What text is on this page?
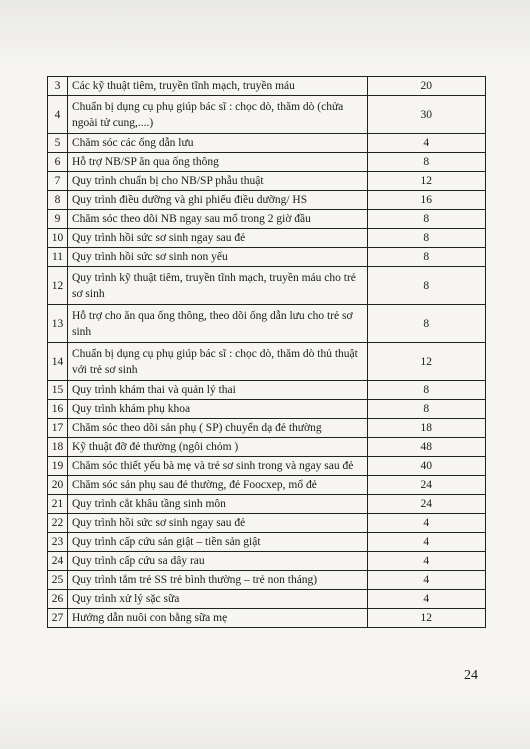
3	Các kỹ thuật tiêm, truyền tĩnh mạch, truyền máu	20
4	Chuẩn bị dụng cụ phụ giúp bác sĩ : chọc dò, thăm dò (chửa ngoài tử cung,....)	30
5	Chăm sóc các ống dẫn lưu	4
6	Hỗ trợ NB/SP ăn qua ống thông	8
7	Quy trình chuẩn bị cho NB/SP phẫu thuật	12
8	Quy trình điều dưỡng và ghi phiếu điều dưỡng/ HS	16
9	Chăm sóc theo dõi NB ngay sau mổ trong 2 giờ đầu	8
10	Quy trình hồi sức sơ sinh ngay sau đẻ	8
11	Quy trình hồi sức sơ sinh non yếu	8
12	Quy trình kỹ thuật tiêm, truyền tĩnh mạch, truyền máu cho trẻ sơ sinh	8
13	Hỗ trợ cho ăn qua ống thông, theo dõi ống dẫn lưu cho trẻ sơ sinh	8
14	Chuẩn bị dụng cụ phụ giúp bác sĩ : chọc dò, thăm dò thủ thuật với trẻ sơ sinh	12
15	Quy trình khám thai và quản lý thai	8
16	Quy trình khám phụ khoa	8
17	Chăm sóc theo dõi sản phụ ( SP) chuyển dạ đẻ thường	18
18	Kỹ thuật đỡ đẻ thường (ngôi chỏm )	48
19	Chăm sóc thiết yếu bà mẹ và trẻ sơ sinh trong và ngay sau đẻ	40
20	Chăm sóc sản phụ sau đẻ thường, đẻ Foocxep, mổ đẻ	24
21	Quy trình cắt khâu tầng sinh môn	24
22	Quy trình hồi sức sơ sinh ngay sau đẻ	4
23	Quy trình cấp cứu sản giật – tiền sản giật	4
24	Quy trình cấp cứu sa dây rau	4
25	Quy trình tắm trẻ SS trẻ bình thường – trẻ non tháng)	4
26	Quy trình xử lý sặc sữa	4
27	Hướng dẫn nuôi con bằng sữa mẹ	12
24
